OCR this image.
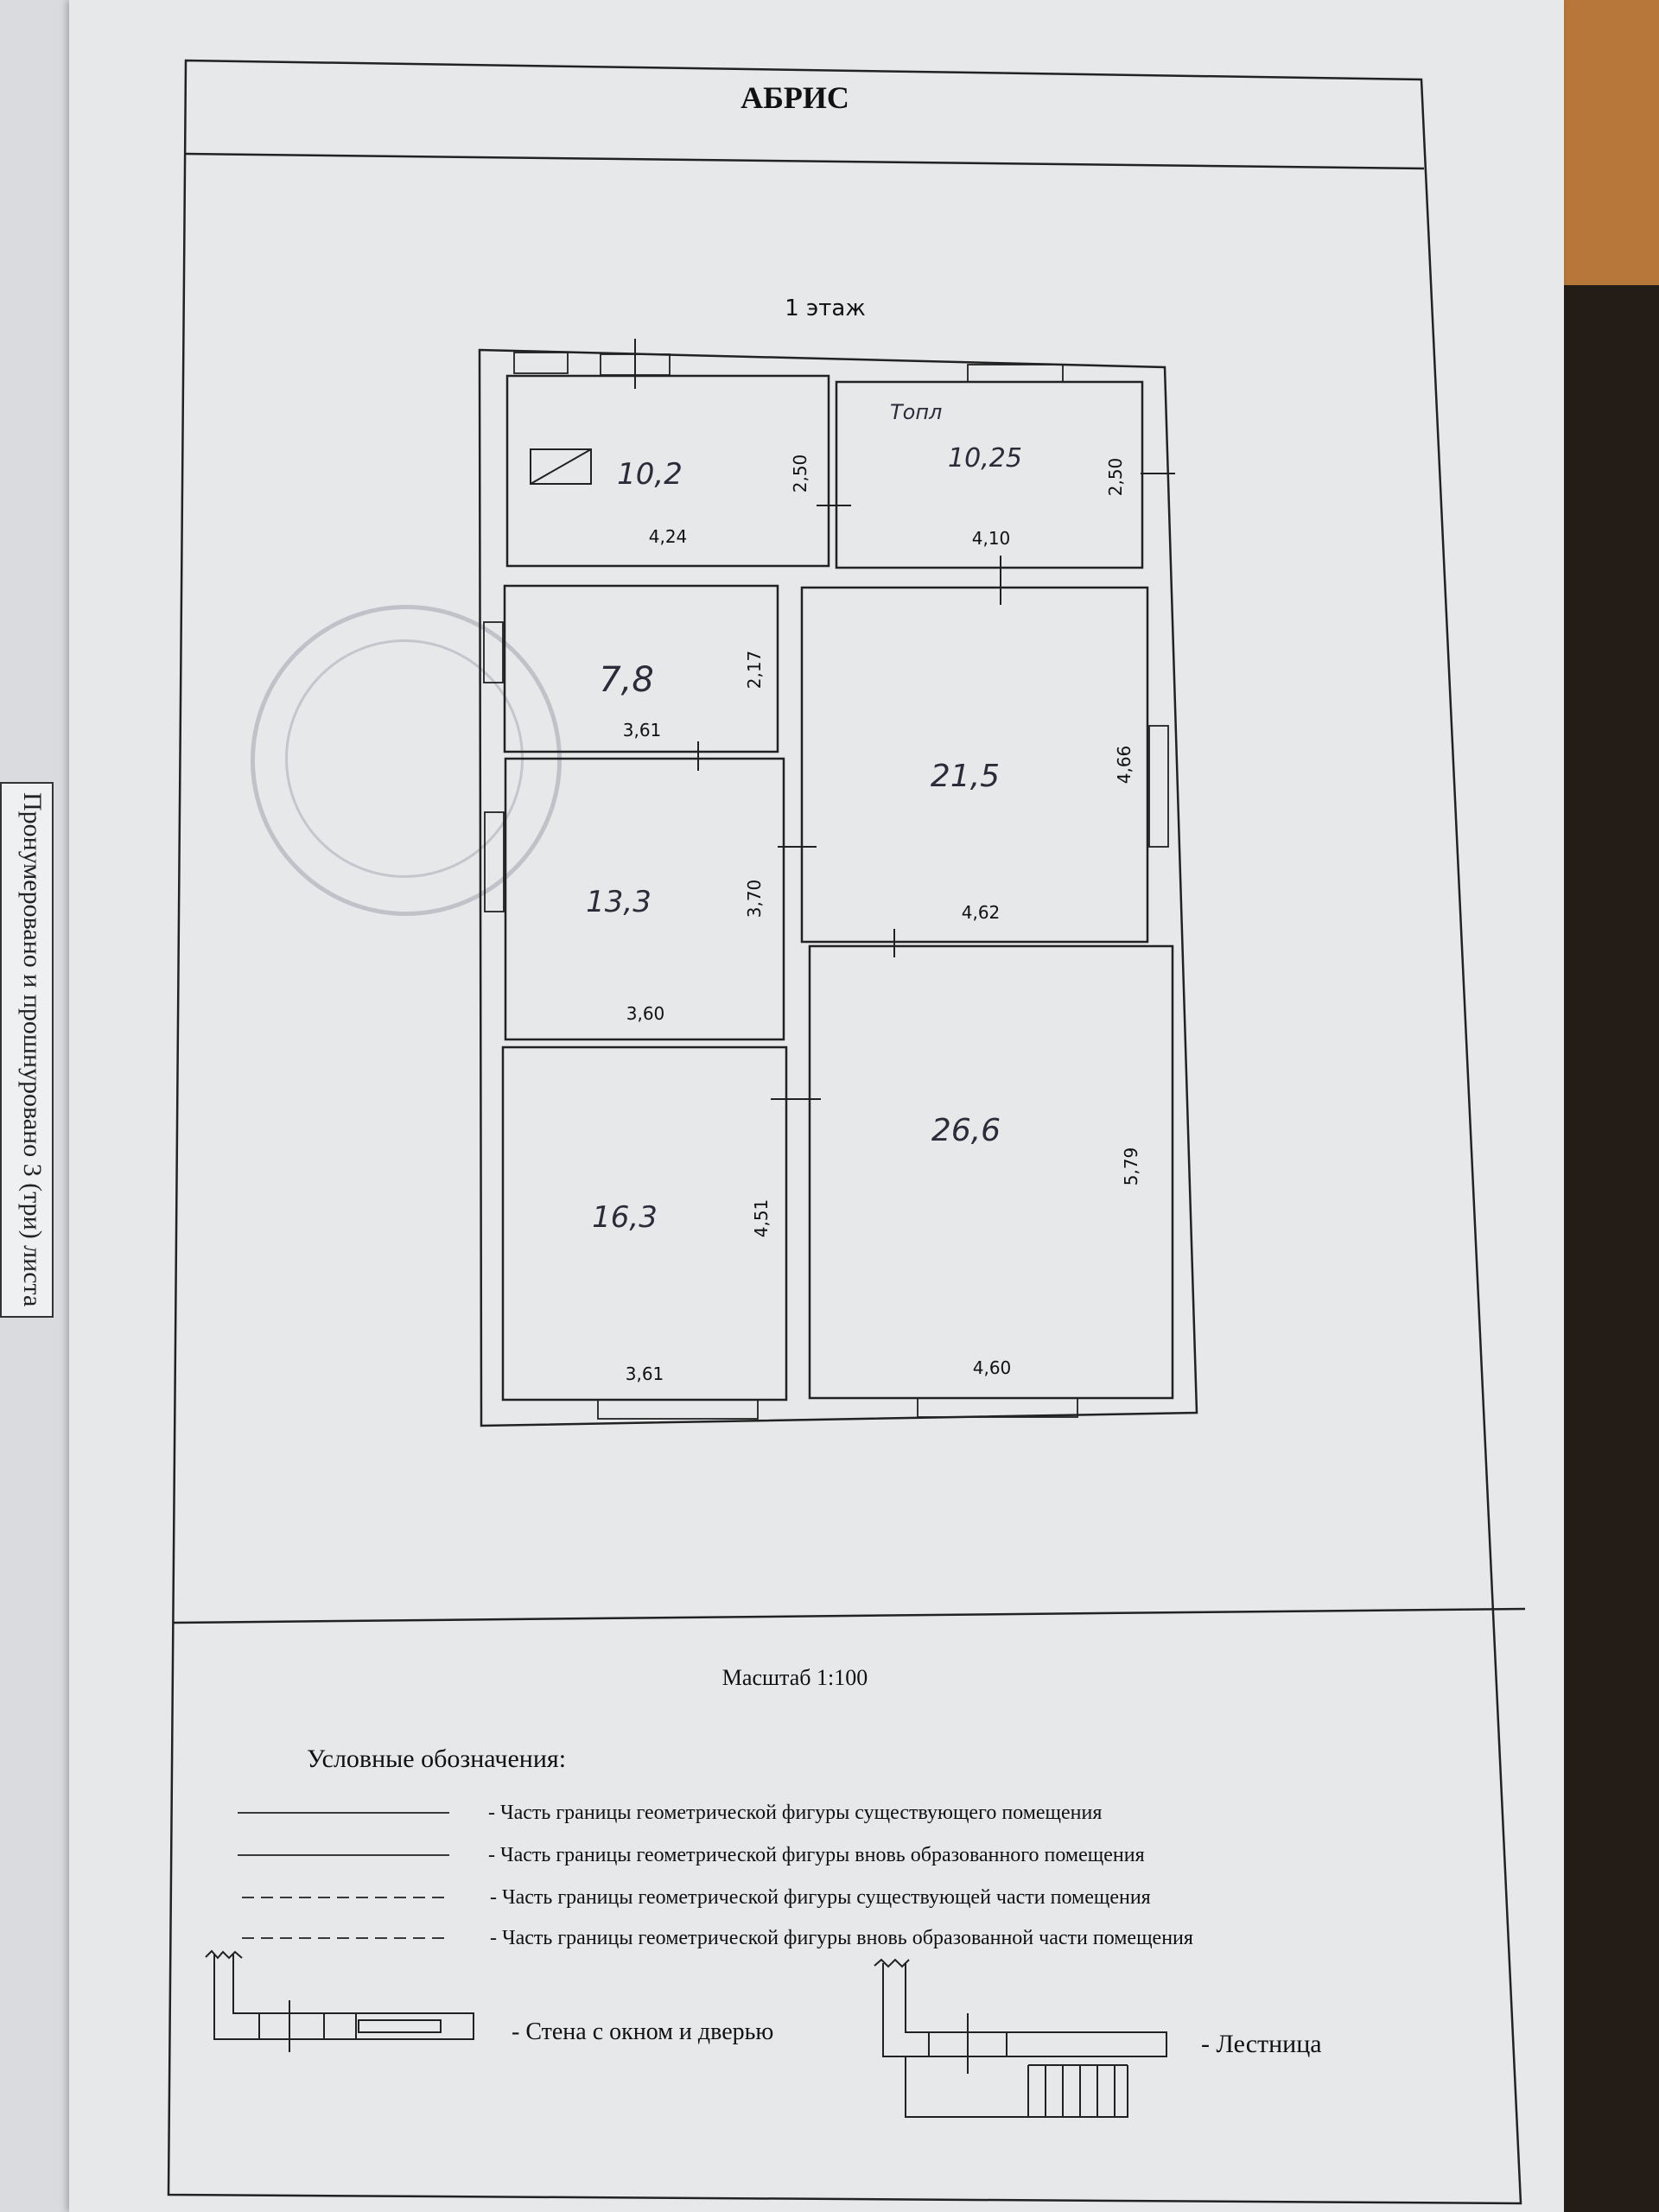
Пронумеровано и прошнуровано 3 (три) листа
АБРИС
1 этаж
10,2
4,24
2,50
Топл
10,25
4,10
2,50
7,8
3,61
2,17
21,5
4,62
4,66
13,3
3,60
3,70
16,3
3,61
4,51
26,6
4,60
5,79
Масштаб 1:100
Условные обозначения:
- Часть границы геометрической фигуры существующего помещения
- Часть границы геометрической фигуры вновь образованного помещения
- Часть границы геометрической фигуры существующей части помещения
- Часть границы геометрической фигуры вновь образованной части помещения
- Стена с окном и дверью	- Лестница
